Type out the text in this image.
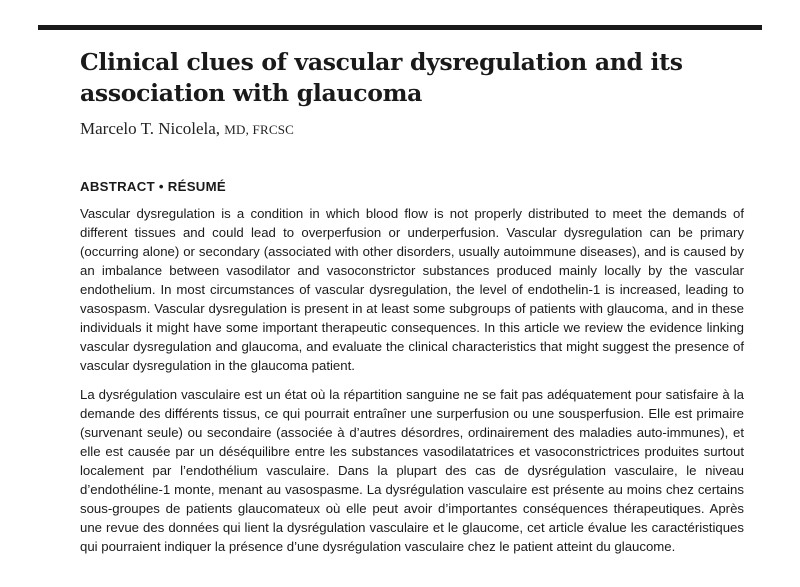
Clinical clues of vascular dysregulation and its association with glaucoma
Marcelo T. Nicolela, MD, FRCSC
ABSTRACT • RÉSUMÉ

Vascular dysregulation is a condition in which blood flow is not properly distributed to meet the demands of different tissues and could lead to overperfusion or underperfusion. Vascular dysregulation can be primary (occurring alone) or secondary (associated with other disorders, usually autoimmune diseases), and is caused by an imbalance between vasodilator and vasoconstrictor substances produced mainly locally by the vascular endothelium. In most circumstances of vascular dysregulation, the level of endothelin-1 is increased, leading to vasospasm. Vascular dysregulation is present in at least some subgroups of patients with glaucoma, and in these individuals it might have some important therapeutic consequences. In this article we review the evidence linking vascular dysregulation and glaucoma, and evaluate the clinical characteristics that might suggest the presence of vascular dysregulation in the glaucoma patient.

La dysrégulation vasculaire est un état où la répartition sanguine ne se fait pas adéquatement pour satisfaire à la demande des différents tissus, ce qui pourrait entraîner une surperfusion ou une sousperfusion. Elle est primaire (survenant seule) ou secondaire (associée à d’autres désordres, ordinairement des maladies auto-immunes), et elle est causée par un déséquilibre entre les substances vasodilatatrices et vasoconstrictrices produites surtout localement par l’endothélium vasculaire. Dans la plupart des cas de dysrégulation vasculaire, le niveau d’endothéline-1 monte, menant au vasospasme. La dysrégulation vasculaire est présente au moins chez certains sous-groupes de patients glaucomateux où elle peut avoir d’importantes conséquences thérapeutiques. Après une revue des données qui lient la dysrégulation vasculaire et le glaucome, cet article évalue les caractéristiques qui pourraient indiquer la présence d’une dysrégulation vasculaire chez le patient atteint du glaucome.
